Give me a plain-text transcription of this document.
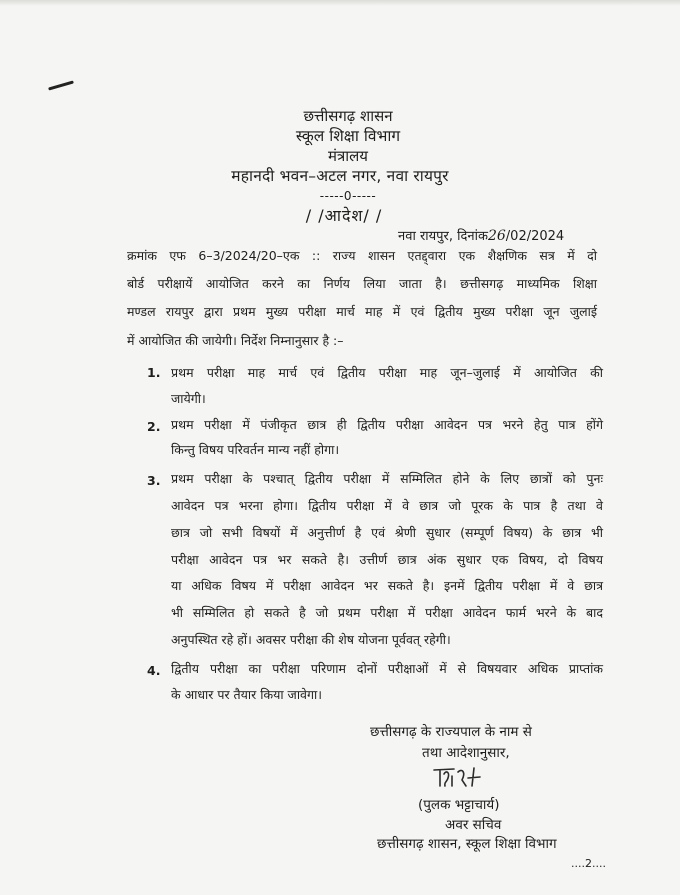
छत्तीसगढ़ शासन
स्कूल शिक्षा विभाग
मंत्रालय
महानदी भवन–अटल नगर, नवा रायपुर
-----0-----
/ /आदेश/ /
नवा रायपुर, दिनांक26/02/2024
क्रमांक एफ 6–3/2024/20–एक :: राज्य शासन एतद्द्वारा एक शैक्षणिक सत्र में दो
बोर्ड परीक्षायें आयोजित करने का निर्णय लिया जाता है। छत्तीसगढ़ माध्यमिक शिक्षा
मण्डल रायपुर द्वारा प्रथम मुख्य परीक्षा मार्च माह में एवं द्वितीय मुख्य परीक्षा जून जुलाई
में आयोजित की जायेगी। निर्देश निम्नानुसार है :–
1. प्रथम परीक्षा माह मार्च एवं द्वितीय परीक्षा माह जून–जुलाई में आयोजित की
जायेगी।
2. प्रथम परीक्षा में पंजीकृत छात्र ही द्वितीय परीक्षा आवेदन पत्र भरने हेतु पात्र होंगे
किन्तु विषय परिवर्तन मान्य नहीं होगा।
3. प्रथम परीक्षा के पश्चात् द्वितीय परीक्षा में सम्मिलित होने के लिए छात्रों को पुनः
आवेदन पत्र भरना होगा। द्वितीय परीक्षा में वे छात्र जो पूरक के पात्र है तथा वे
छात्र जो सभी विषयों में अनुत्तीर्ण है एवं श्रेणी सुधार (सम्पूर्ण विषय) के छात्र भी
परीक्षा आवेदन पत्र भर सकते है। उत्तीर्ण छात्र अंक सुधार एक विषय, दो विषय
या अधिक विषय में परीक्षा आवेदन भर सकते है। इनमें द्वितीय परीक्षा में वे छात्र
भी सम्मिलित हो सकते है जो प्रथम परीक्षा में परीक्षा आवेदन फार्म भरने के बाद
अनुपस्थित रहे हों। अवसर परीक्षा की शेष योजना पूर्ववत् रहेगी।
4. द्वितीय परीक्षा का परीक्षा परिणाम दोनों परीक्षाओं में से विषयवार अधिक प्राप्तांक
के आधार पर तैयार किया जावेगा।
छत्तीसगढ़ के राज्यपाल के नाम से
तथा आदेशानुसार,
(पुलक भट्टाचार्य)
अवर सचिव
छत्तीसगढ़ शासन, स्कूल शिक्षा विभाग
....2....
